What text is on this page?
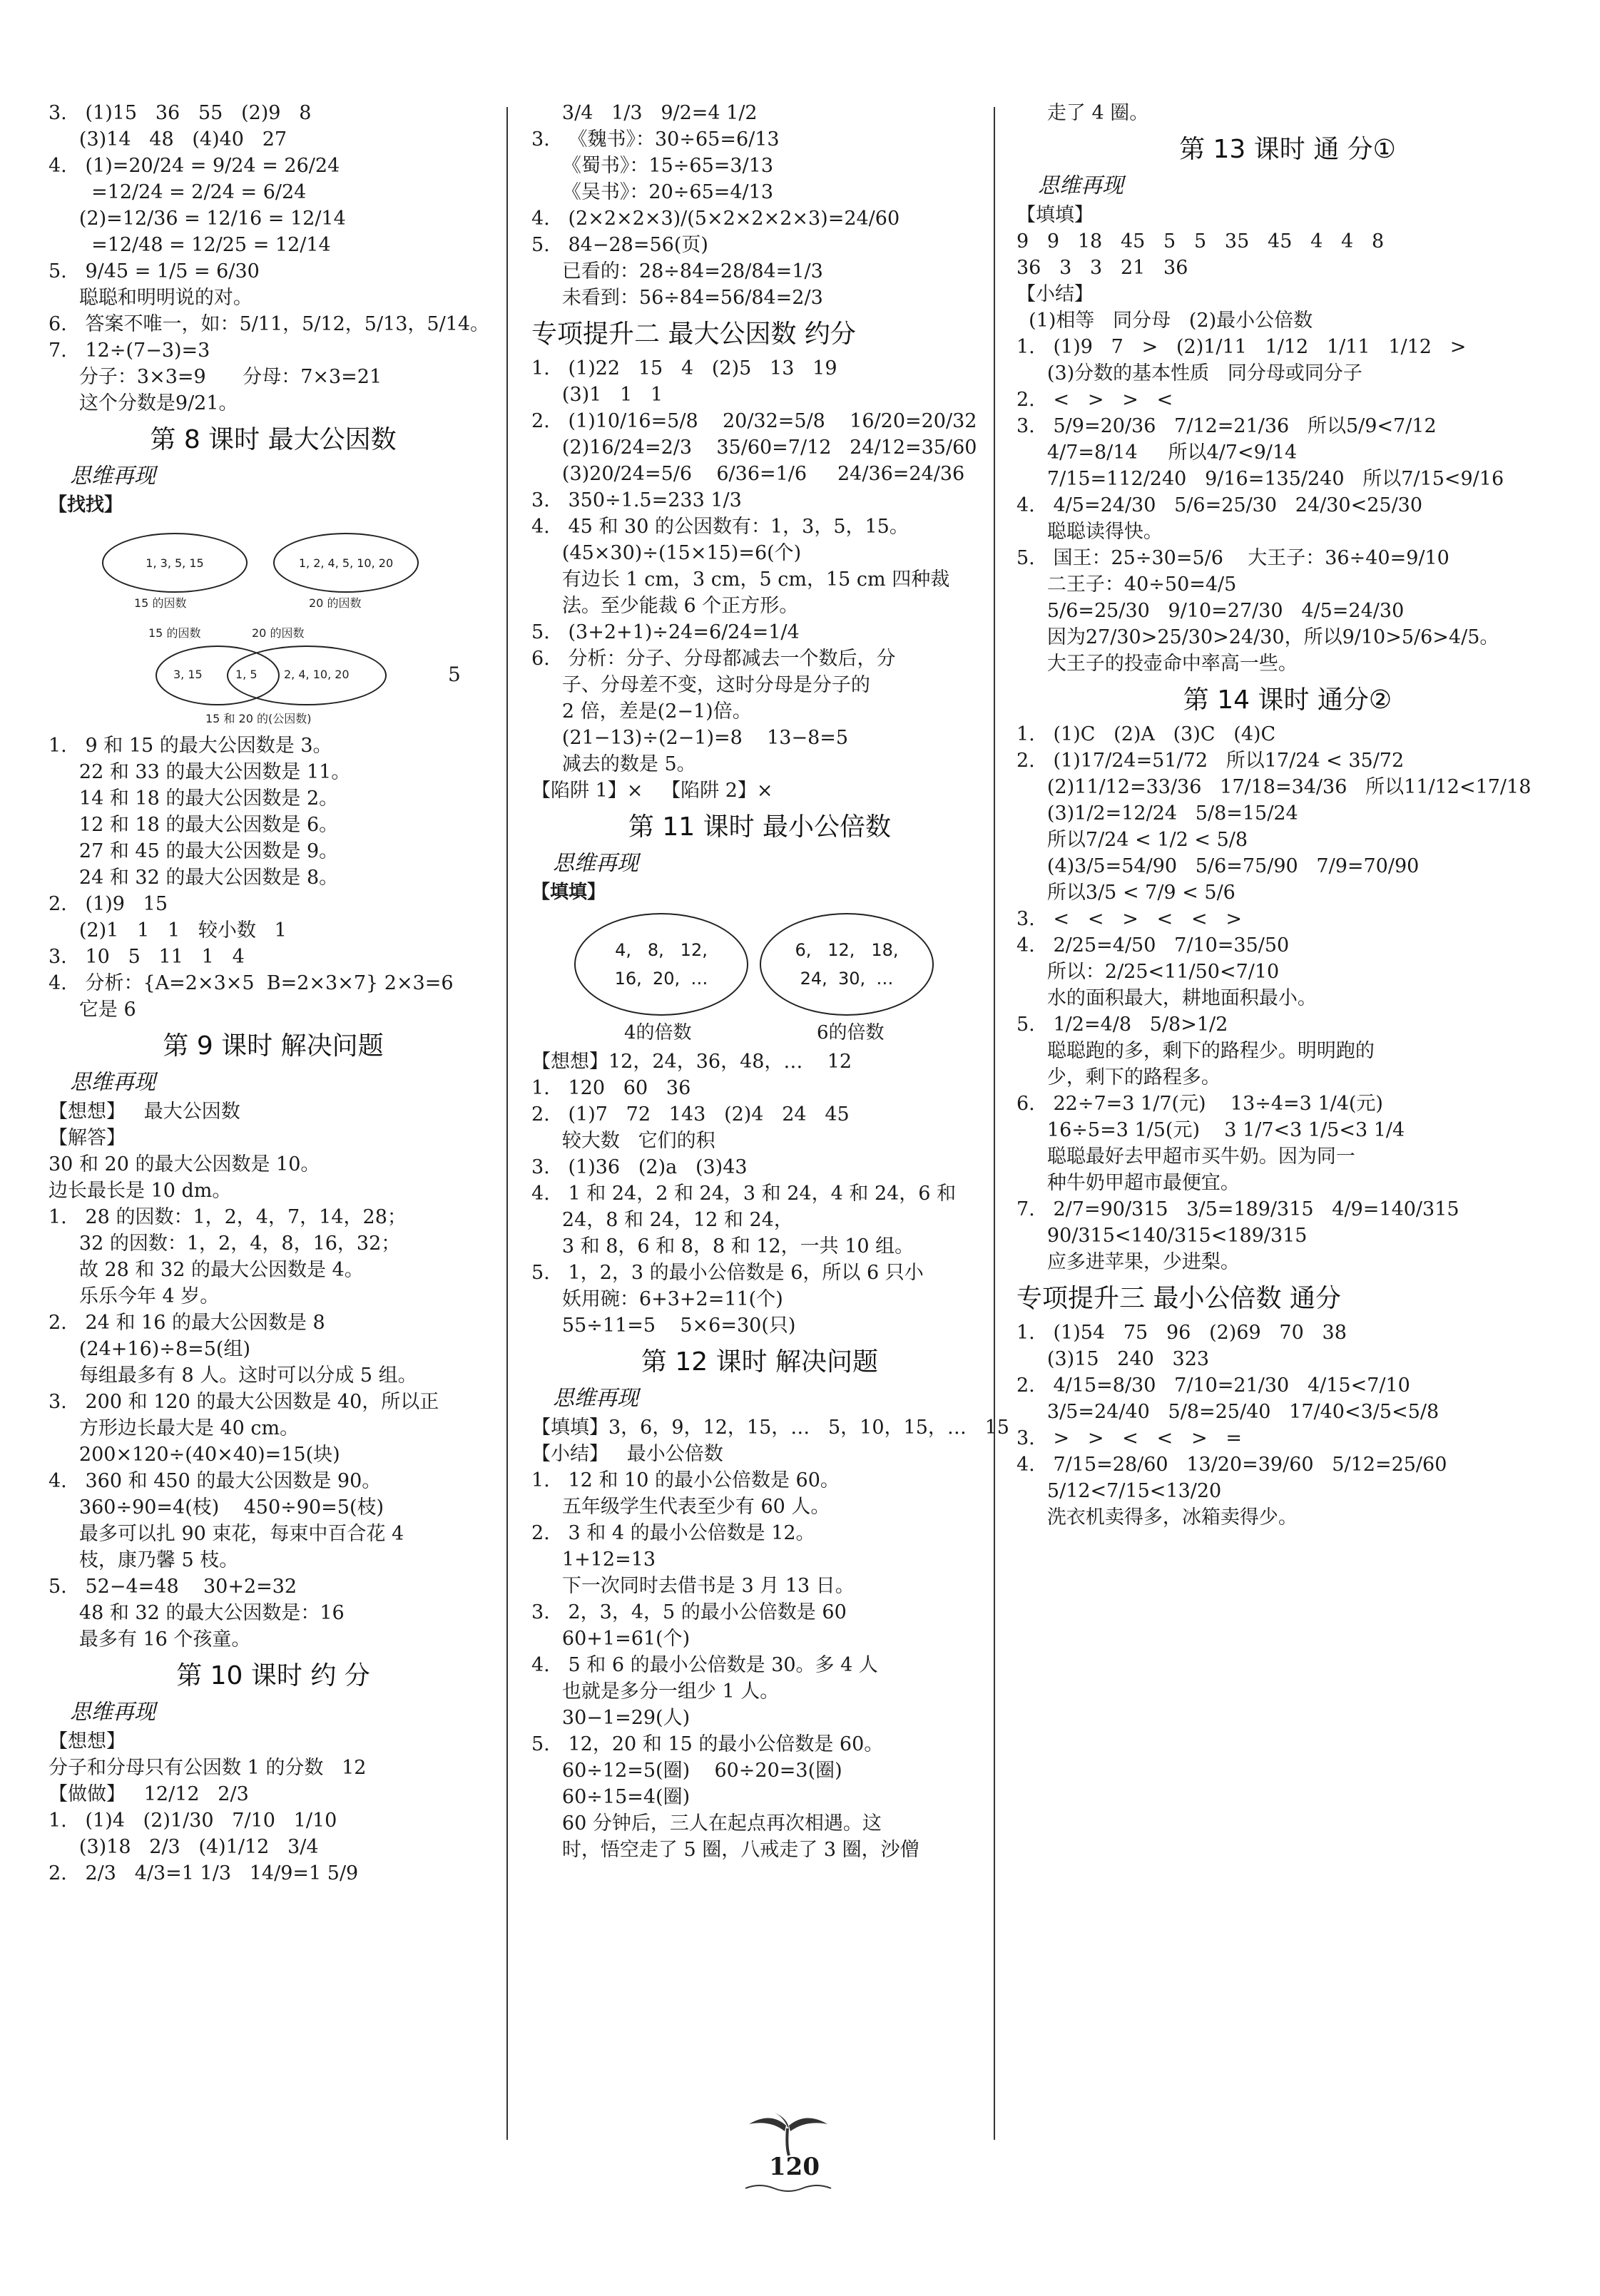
3.   (1)15   36   55   (2)9   8
(3)14   48   (4)40   27
4.   (1)=20/24 = 9/24 = 26/24
=12/24 = 2/24 = 6/24
(2)=12/36 = 12/16 = 12/14
=12/48 = 12/25 = 12/14
5.   9/45 = 1/5 = 6/30
聪聪和明明说的对。
6.   答案不唯一，如：5/11，5/12，5/13，5/14。
7.   12÷(7−3)=3
分子：3×3=9      分母：7×3=21
这个分数是9/21。
第 8 课时 最大公因数
思维再现
【找找】
1, 3, 5, 15
15 的因数
1, 2, 4, 5, 10, 20
20 的因数
15 的因数	20 的因数
3, 15	1, 5 2, 4, 10, 20	5
15 和 20 的(公因数)
1.   9 和 15 的最大公因数是 3。
22 和 33 的最大公因数是 11。
14 和 18 的最大公因数是 2。
12 和 18 的最大公因数是 6。
27 和 45 的最大公因数是 9。
24 和 32 的最大公因数是 8。
2.   (1)9   15
(2)1   1   1   较小数   1
3.   10   5   11   1   4
4.   分析：{A=2×3×5  B=2×3×7} 2×3=6
它是 6
第 9 课时 解决问题
思维再现
【想想】   最大公因数
【解答】
30 和 20 的最大公因数是 10。
边长最长是 10 dm。
1.   28 的因数：1，2，4，7，14，28；
32 的因数：1，2，4，8，16，32；
故 28 和 32 的最大公因数是 4。
乐乐今年 4 岁。
2.   24 和 16 的最大公因数是 8
(24+16)÷8=5(组)
每组最多有 8 人。这时可以分成 5 组。
3.   200 和 120 的最大公因数是 40，所以正
方形边长最大是 40 cm。
200×120÷(40×40)=15(块)
4.   360 和 450 的最大公因数是 90。
360÷90=4(枝)    450÷90=5(枝)
最多可以扎 90 束花，每束中百合花 4
枝，康乃馨 5 枝。
5.   52−4=48    30+2=32
48 和 32 的最大公因数是：16
最多有 16 个孩童。
第 10 课时 约 分
思维再现
【想想】
分子和分母只有公因数 1 的分数   12
【做做】   12/12   2/3
1.   (1)4   (2)1/30   7/10   1/10
(3)18   2/3   (4)1/12   3/4
2.   2/3   4/3=1 1/3   14/9=1 5/9
3/4   1/3   9/2=4 1/2
3.   《魏书》：30÷65=6/13
《蜀书》：15÷65=3/13
《吴书》：20÷65=4/13
4.   (2×2×2×3)/(5×2×2×2×3)=24/60
5.   84−28=56(页)
已看的：28÷84=28/84=1/3
未看到：56÷84=56/84=2/3
专项提升二 最大公因数 约分
1.   (1)22   15   4   (2)5   13   19
(3)1   1   1
2.   (1)10/16=5/8    20/32=5/8    16/20=20/32
(2)16/24=2/3    35/60=7/12   24/12=35/60
(3)20/24=5/6    6/36=1/6     24/36=24/36
3.   350÷1.5=233 1/3
4.   45 和 30 的公因数有：1，3，5，15。
(45×30)÷(15×15)=6(个)
有边长 1 cm，3 cm，5 cm，15 cm 四种裁
法。至少能裁 6 个正方形。
5.   (3+2+1)÷24=6/24=1/4
6.   分析：分子、分母都减去一个数后，分
子、分母差不变，这时分母是分子的
2 倍，差是(2−1)倍。
(21−13)÷(2−1)=8    13−8=5
减去的数是 5。
【陷阱 1】×   【陷阱 2】×
第 11 课时 最小公倍数
思维再现
【填填】
4,   8,   12,
16,  20,  …
4的倍数
6,   12,   18,
24,  30,  …
6的倍数
【想想】12，24，36，48，…    12
1.   120   60   36
2.   (1)7   72   143   (2)4   24   45
较大数   它们的积
3.   (1)36   (2)a   (3)43
4.   1 和 24，2 和 24，3 和 24，4 和 24，6 和
24，8 和 24，12 和 24，
3 和 8，6 和 8，8 和 12，一共 10 组。
5.   1，2，3 的最小公倍数是 6，所以 6 只小
妖用碗：6+3+2=11(个)
55÷11=5    5×6=30(只)
第 12 课时 解决问题
思维再现
【填填】3，6，9，12，15，…   5，10，15，…   15
【小结】   最小公倍数
1.   12 和 10 的最小公倍数是 60。
五年级学生代表至少有 60 人。
2.   3 和 4 的最小公倍数是 12。
1+12=13
下一次同时去借书是 3 月 13 日。
3.   2，3，4，5 的最小公倍数是 60
60+1=61(个)
4.   5 和 6 的最小公倍数是 30。多 4 人
也就是多分一组少 1 人。
30−1=29(人)
5.   12，20 和 15 的最小公倍数是 60。
60÷12=5(圈)    60÷20=3(圈)
60÷15=4(圈)
60 分钟后，三人在起点再次相遇。这
时，悟空走了 5 圈，八戒走了 3 圈，沙僧
走了 4 圈。
第 13 课时 通 分①
思维再现
【填填】
9   9   18   45   5   5   35   45   4   4   8
36   3   3   21   36
【小结】
(1)相等   同分母   (2)最小公倍数
1.   (1)9   7   >   (2)1/11   1/12   1/11   1/12   >
(3)分数的基本性质   同分母或同分子
2.   <   >   >   <
3.   5/9=20/36   7/12=21/36   所以5/9<7/12
4/7=8/14     所以4/7<9/14
7/15=112/240   9/16=135/240   所以7/15<9/16
4.   4/5=24/30   5/6=25/30   24/30<25/30
聪聪读得快。
5.   国王：25÷30=5/6    大王子：36÷40=9/10
二王子：40÷50=4/5
5/6=25/30   9/10=27/30   4/5=24/30
因为27/30>25/30>24/30，所以9/10>5/6>4/5。
大王子的投壶命中率高一些。
第 14 课时 通分②
1.   (1)C   (2)A   (3)C   (4)C
2.   (1)17/24=51/72   所以17/24 < 35/72
(2)11/12=33/36   17/18=34/36   所以11/12<17/18
(3)1/2=12/24   5/8=15/24
所以7/24 < 1/2 < 5/8
(4)3/5=54/90   5/6=75/90   7/9=70/90
所以3/5 < 7/9 < 5/6
3.   <   <   >   <   <   >
4.   2/25=4/50   7/10=35/50
所以：2/25<11/50<7/10
水的面积最大，耕地面积最小。
5.   1/2=4/8   5/8>1/2
聪聪跑的多，剩下的路程少。明明跑的
少，剩下的路程多。
6.   22÷7=3 1/7(元)    13÷4=3 1/4(元)
16÷5=3 1/5(元)    3 1/7<3 1/5<3 1/4
聪聪最好去甲超市买牛奶。因为同一
种牛奶甲超市最便宜。
7.   2/7=90/315   3/5=189/315   4/9=140/315
90/315<140/315<189/315
应多进苹果，少进梨。
专项提升三 最小公倍数 通分
1.   (1)54   75   96   (2)69   70   38
(3)15   240   323
2.   4/15=8/30   7/10=21/30   4/15<7/10
3/5=24/40   5/8=25/40   17/40<3/5<5/8
3.   >   >   <   <   >   =
4.   7/15=28/60   13/20=39/60   5/12=25/60
5/12<7/15<13/20
洗衣机卖得多，冰箱卖得少。
120
